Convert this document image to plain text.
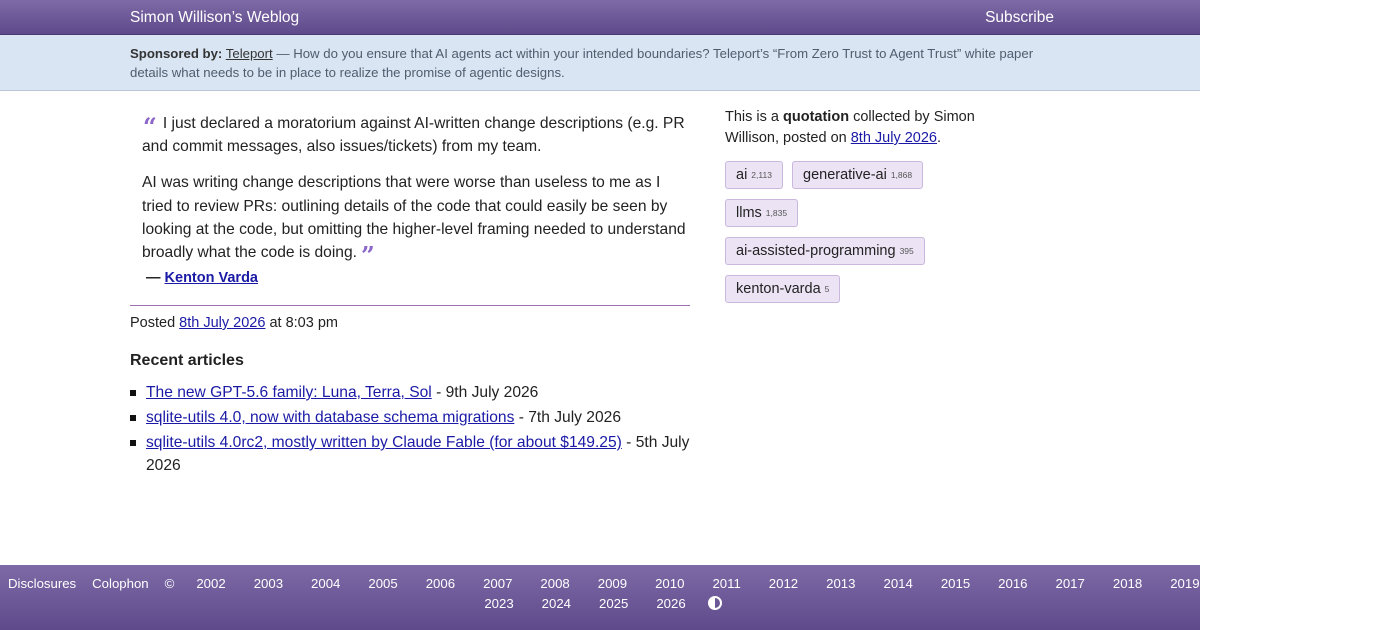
Simon Willison’s Weblog	Subscribe

Sponsored by: Teleport — How do you ensure that AI agents act within your intended boundaries? Teleport’s “From Zero Trust to Agent Trust” white paper details what needs to be in place to realize the promise of agentic designs.

“ I just declared a moratorium against AI-written change descriptions (e.g. PR and commit messages, also issues/tickets) from my team.

AI was writing change descriptions that were worse than useless to me as I tried to review PRs: outlining details of the code that could easily be seen by looking at the code, but omitting the higher-level framing needed to understand broadly what the code is doing. ”

— Kenton Varda
Posted 8th July 2026 at 8:03 pm
Recent articles
The new GPT-5.6 family: Luna, Terra, Sol - 9th July 2026
sqlite-utils 4.0, now with database schema migrations - 7th July 2026
sqlite-utils 4.0rc2, mostly written by Claude Fable (for about $149.25) - 5th July 2026
This is a quotation collected by Simon Willison, posted on 8th July 2026.
ai 2,113	generative-ai 1,868
llms 1,835
ai-assisted-programming 395
kenton-varda 5
Disclosures Colophon © 2002 2003 2004 2005 2006 2007 2008 2009 2010 2011 2012 2013 2014 2015 2016 2017 2018 2019 2020 2021 2022
2023 2024 2025 2026
